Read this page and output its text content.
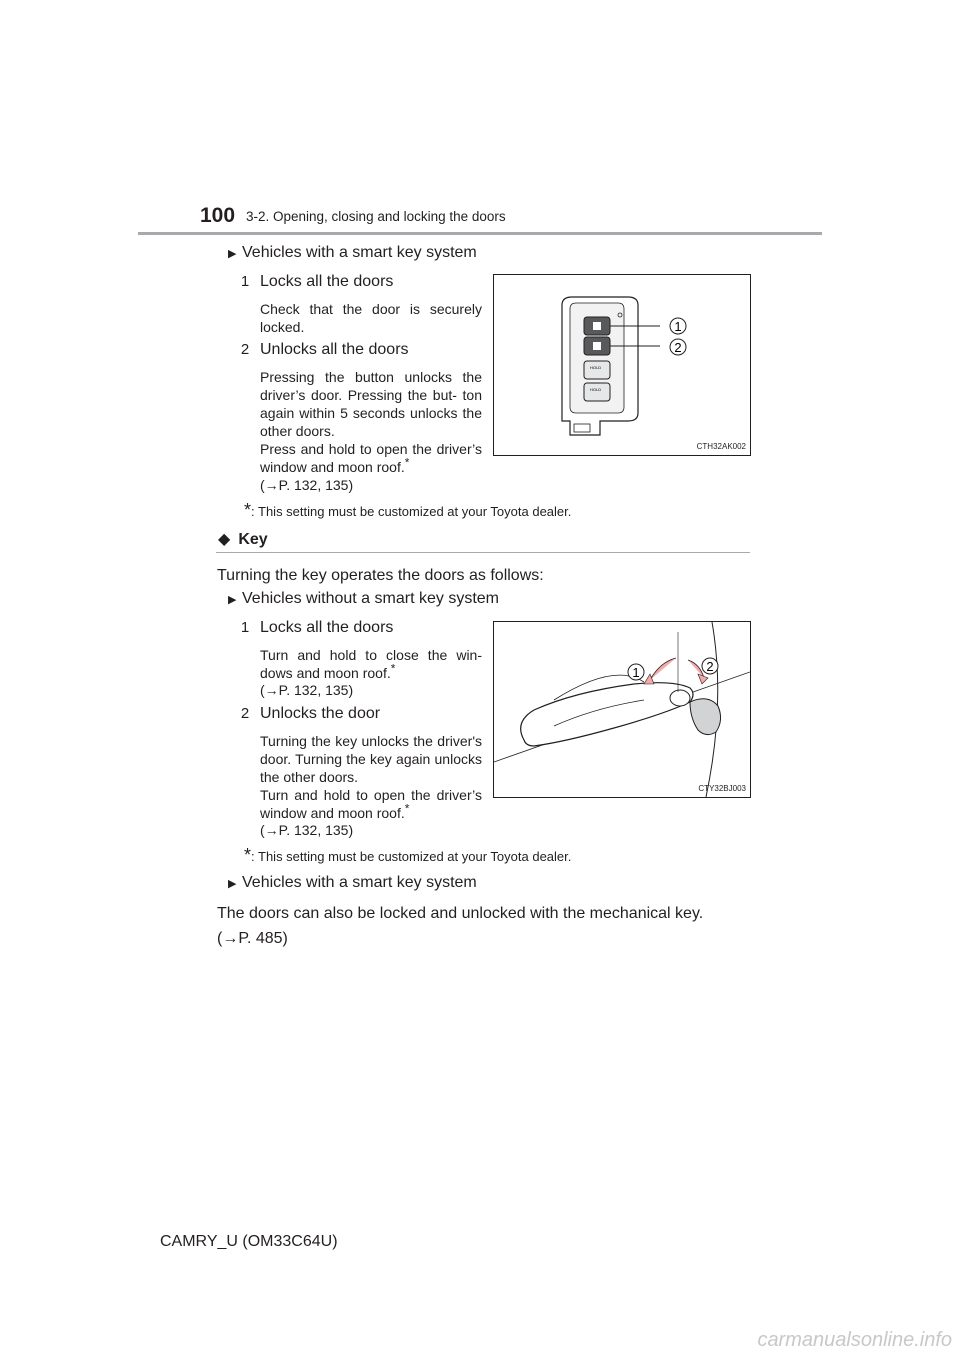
100 3-2. Opening, closing and locking the doors
▶ Vehicles with a smart key system
1 Locks all the doors
Check that the door is securely locked.
2 Unlocks all the doors
Pressing the button unlocks the driver’s door. Pressing the but- ton again within 5 seconds unlocks the other doors.
Press and hold to open the driver’s window and moon roof.*
(→P. 132, 135)
*: This setting must be customized at your Toyota dealer.
HOLD
HOLD
1
2
CTH32AK002
◆ Key
Turning the key operates the doors as follows:
▶ Vehicles without a smart key system
1 Locks all the doors
Turn and hold to close the win- dows and moon roof.*
(→P. 132, 135)
2 Unlocks the door
Turning the key unlocks the driver's door. Turning the key again unlocks the other doors.
Turn and hold to open the driver’s window and moon roof.*
(→P. 132, 135)
*: This setting must be customized at your Toyota dealer.
1	2
CTY32BJ003
▶ Vehicles with a smart key system
The doors can also be locked and unlocked with the mechanical key.
(→P. 485)
CAMRY_U (OM33C64U)
carmanualsonline.info
